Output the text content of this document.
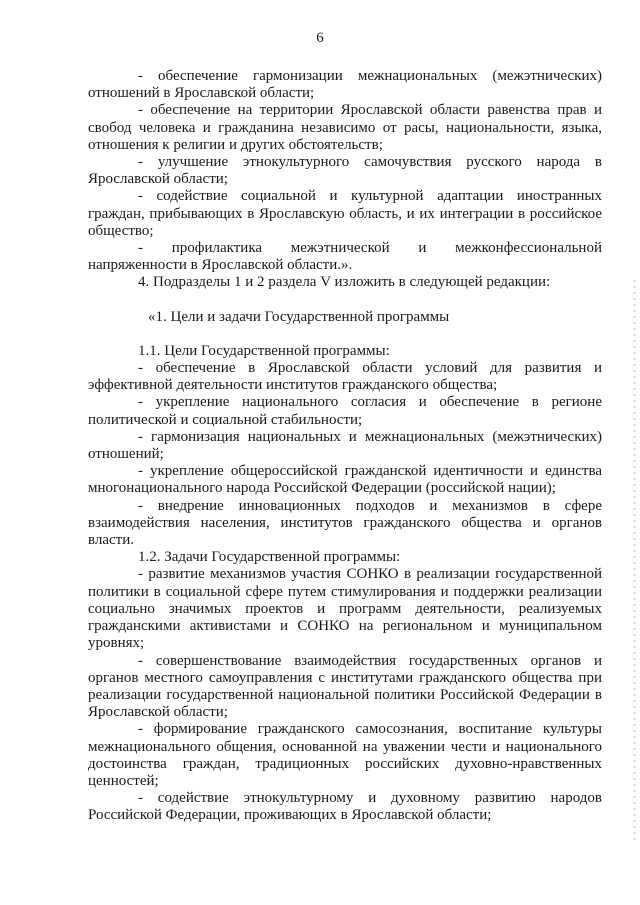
6

- обеспечение гармонизации межнациональных (межэтнических) отношений в Ярославской области;

- обеспечение на территории Ярославской области равенства прав и свобод человека и гражданина независимо от расы, национальности, языка, отношения к религии и других обстоятельств;

- улучшение этнокультурного самочувствия русского народа в Ярославской области;

- содействие социальной и культурной адаптации иностранных граждан, прибывающих в Ярославскую область, и их интеграции в российское общество;

- профилактика межэтнической и межконфессиональной напряженности в Ярославской области.».

4. Подразделы 1 и 2 раздела V изложить в следующей редакции:

«1. Цели и задачи Государственной программы

1.1. Цели Государственной программы:

- обеспечение в Ярославской области условий для развития и эффективной деятельности институтов гражданского общества;

- укрепление национального согласия и обеспечение в регионе политической и социальной стабильности;

- гармонизация национальных и межнациональных (межэтнических) отношений;

- укрепление общероссийской гражданской идентичности и единства многонационального народа Российской Федерации (российской нации);

- внедрение инновационных подходов и механизмов в сфере взаимодействия населения, институтов гражданского общества и органов власти.

1.2. Задачи Государственной программы:

- развитие механизмов участия СОНКО в реализации государственной политики в социальной сфере путем стимулирования и поддержки реализации социально значимых проектов и программ деятельности, реализуемых гражданскими активистами и СОНКО на региональном и муниципальном уровнях;

- совершенствование взаимодействия государственных органов и органов местного самоуправления с институтами гражданского общества при реализации государственной национальной политики Российской Федерации в Ярославской области;

- формирование гражданского самосознания, воспитание культуры межнационального общения, основанной на уважении чести и национального достоинства граждан, традиционных российских духовно-нравственных ценностей;

- содействие этнокультурному и духовному развитию народов Российской Федерации, проживающих в Ярославской области;
